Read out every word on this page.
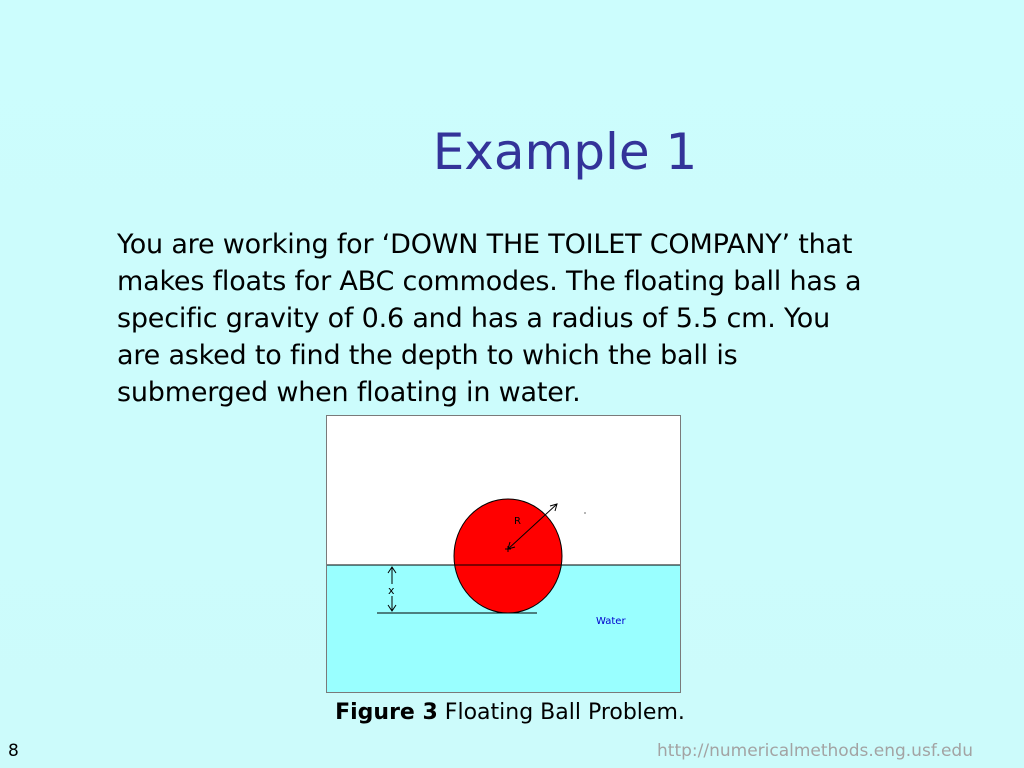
Example 1
You are working for ‘DOWN THE TOILET COMPANY’ that
makes floats for ABC commodes. The floating ball has a
specific gravity of 0.6 and has a radius of 5.5 cm. You
are asked to find the depth to which the ball is
submerged when floating in water.
R
x
Water
Figure 3 Floating Ball Problem.
8	http://numericalmethods.eng.usf.edu
